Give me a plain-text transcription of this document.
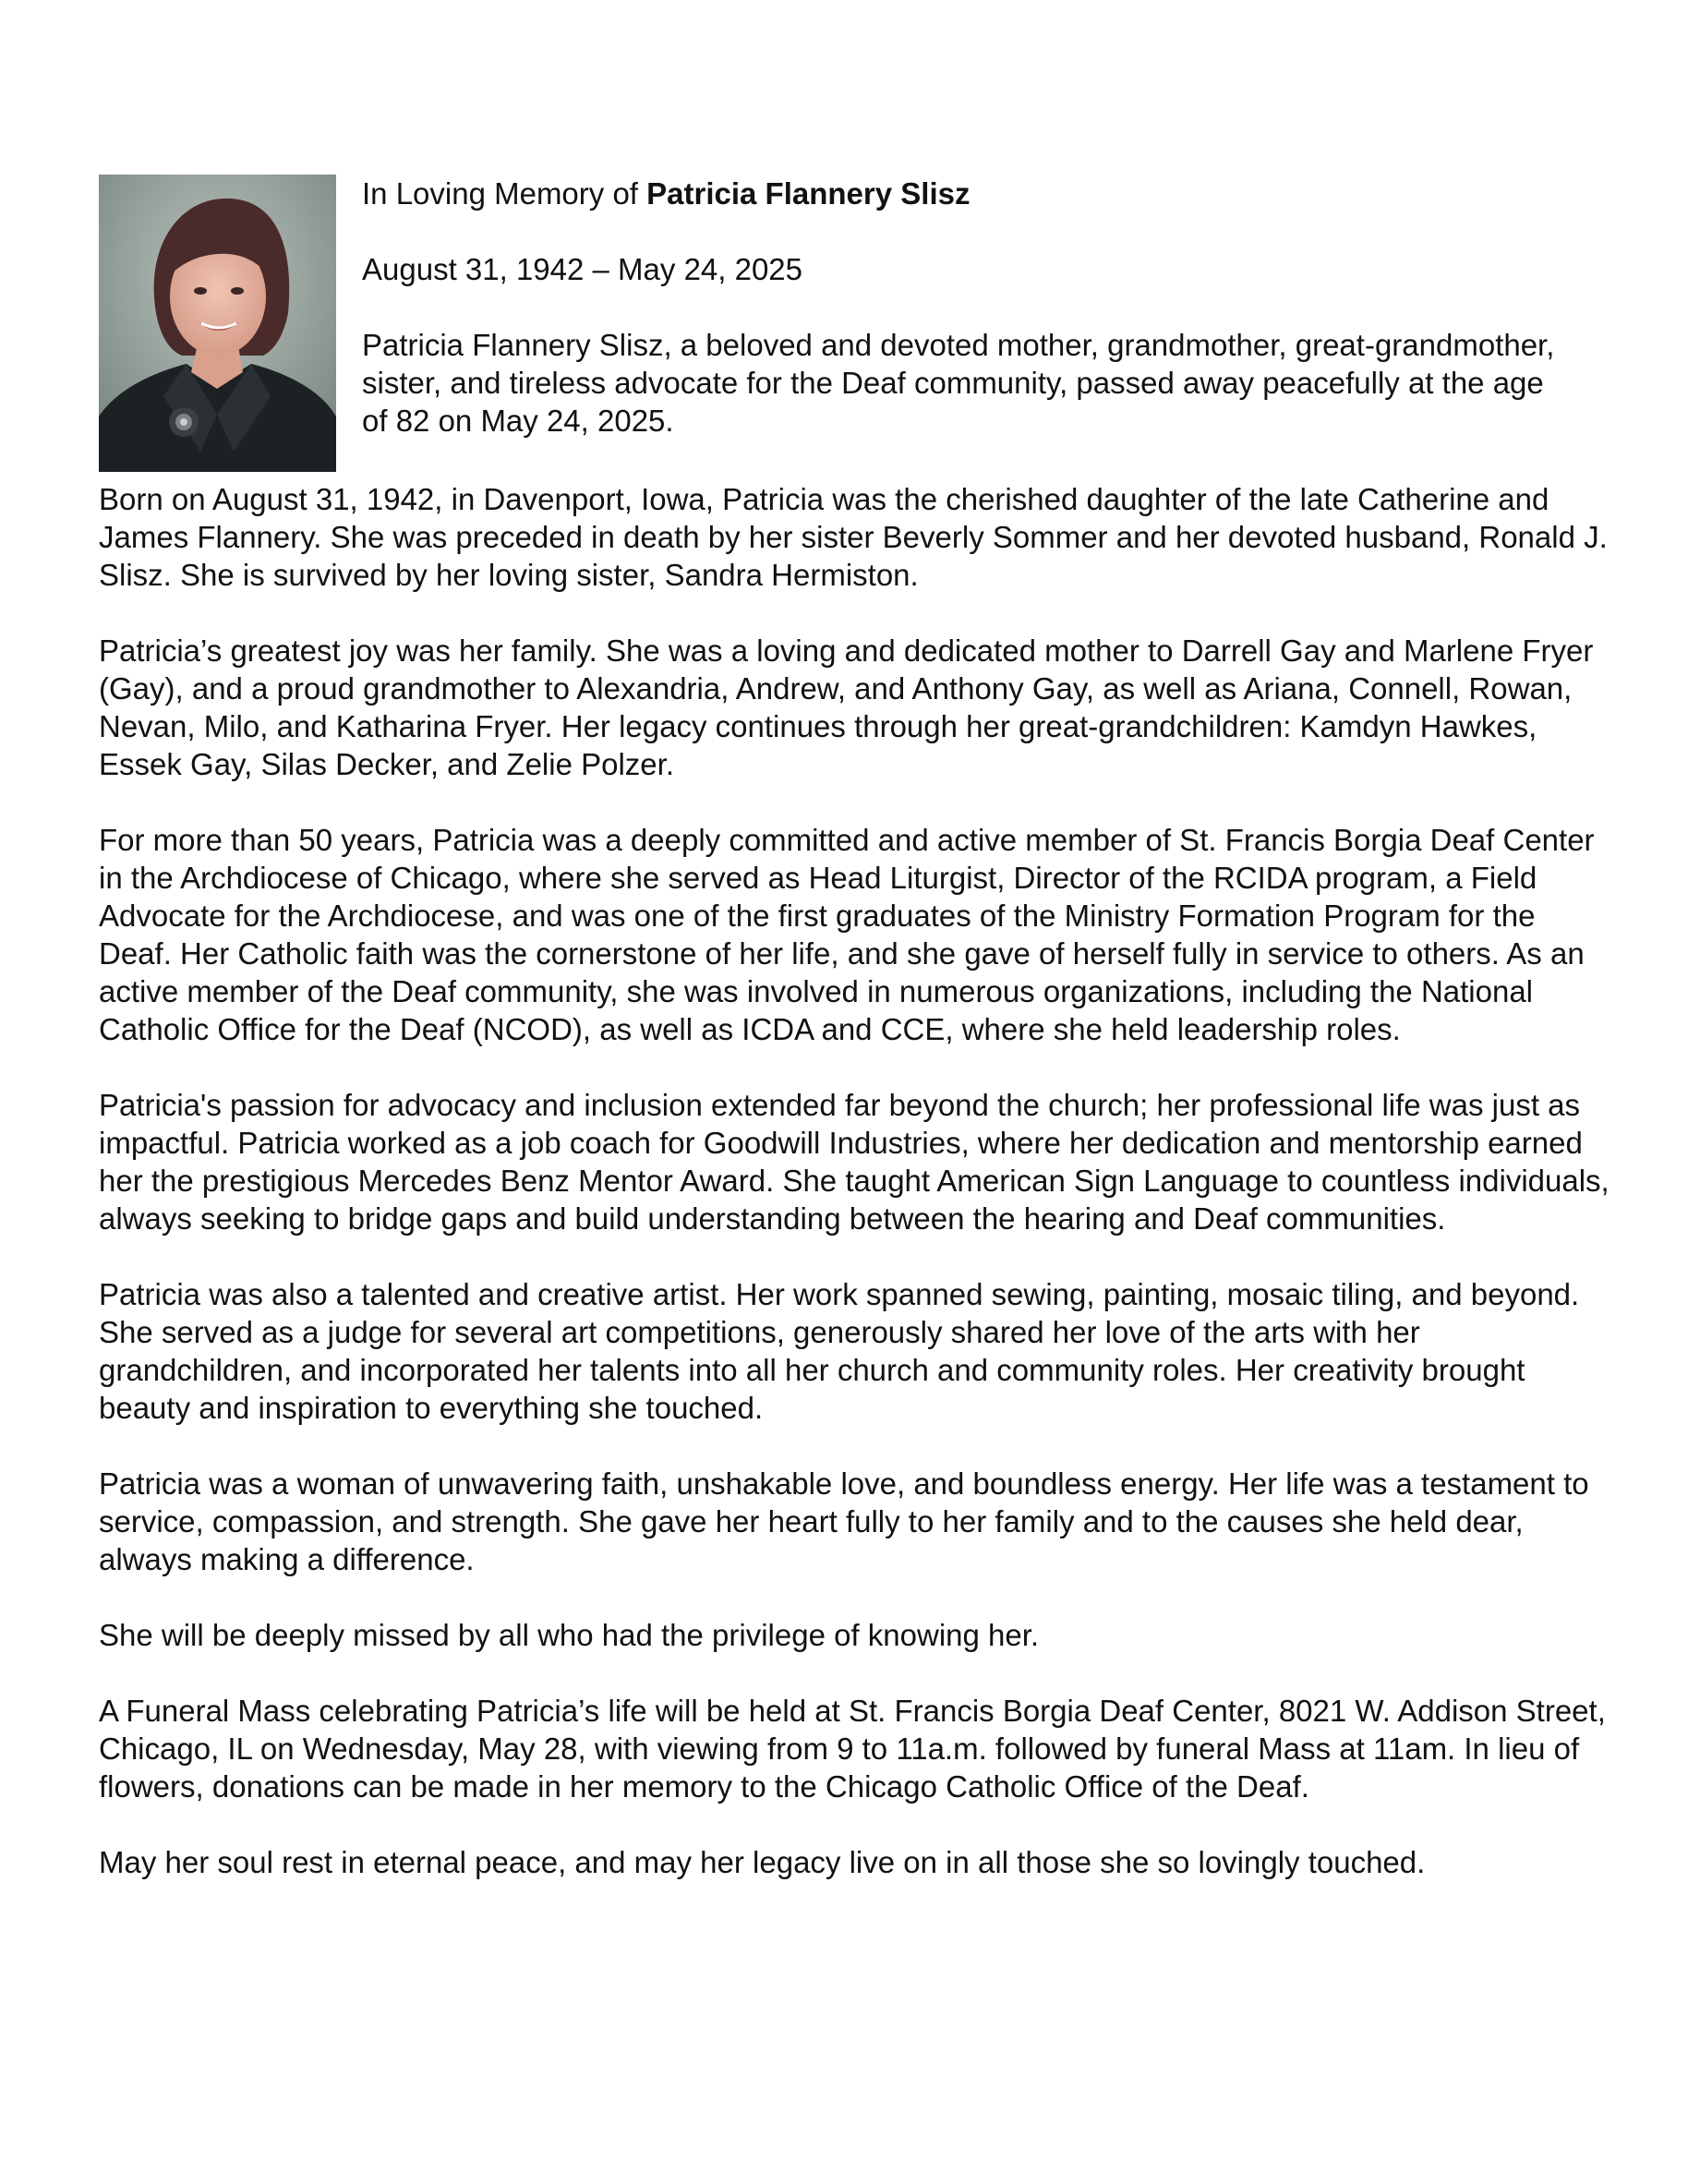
In Loving Memory of Patricia Flannery Slisz

August 31, 1942 – May 24, 2025

Patricia Flannery Slisz, a beloved and devoted mother, grandmother, great-grandmother, sister, and tireless advocate for the Deaf community, passed away peacefully at the age of 82 on May 24, 2025.

Born on August 31, 1942, in Davenport, Iowa, Patricia was the cherished daughter of the late Catherine and James Flannery. She was preceded in death by her sister Beverly Sommer and her devoted husband, Ronald J. Slisz. She is survived by her loving sister, Sandra Hermiston.

Patricia’s greatest joy was her family. She was a loving and dedicated mother to Darrell Gay and Marlene Fryer (Gay), and a proud grandmother to Alexandria, Andrew, and Anthony Gay, as well as Ariana, Connell, Rowan, Nevan, Milo, and Katharina Fryer. Her legacy continues through her great-grandchildren: Kamdyn Hawkes, Essek Gay, Silas Decker, and Zelie Polzer.

For more than 50 years, Patricia was a deeply committed and active member of St. Francis Borgia Deaf Center in the Archdiocese of Chicago, where she served as Head Liturgist, Director of the RCIDA program, a Field Advocate for the Archdiocese, and was one of the first graduates of the Ministry Formation Program for the Deaf. Her Catholic faith was the cornerstone of her life, and she gave of herself fully in service to others. As an active member of the Deaf community, she was involved in numerous organizations, including the National Catholic Office for the Deaf (NCOD), as well as ICDA and CCE, where she held leadership roles.

Patricia's passion for advocacy and inclusion extended far beyond the church; her professional life was just as impactful. Patricia worked as a job coach for Goodwill Industries, where her dedication and mentorship earned her the prestigious Mercedes Benz Mentor Award. She taught American Sign Language to countless individuals, always seeking to bridge gaps and build understanding between the hearing and Deaf communities.

Patricia was also a talented and creative artist. Her work spanned sewing, painting, mosaic tiling, and beyond. She served as a judge for several art competitions, generously shared her love of the arts with her grandchildren, and incorporated her talents into all her church and community roles. Her creativity brought beauty and inspiration to everything she touched.

Patricia was a woman of unwavering faith, unshakable love, and boundless energy. Her life was a testament to service, compassion, and strength. She gave her heart fully to her family and to the causes she held dear, always making a difference.

She will be deeply missed by all who had the privilege of knowing her.

A Funeral Mass celebrating Patricia’s life will be held at St. Francis Borgia Deaf Center, 8021 W. Addison Street, Chicago, IL on Wednesday, May 28, with viewing from 9 to 11a.m. followed by funeral Mass at 11am. In lieu of flowers, donations can be made in her memory to the Chicago Catholic Office of the Deaf.

May her soul rest in eternal peace, and may her legacy live on in all those she so lovingly touched.
